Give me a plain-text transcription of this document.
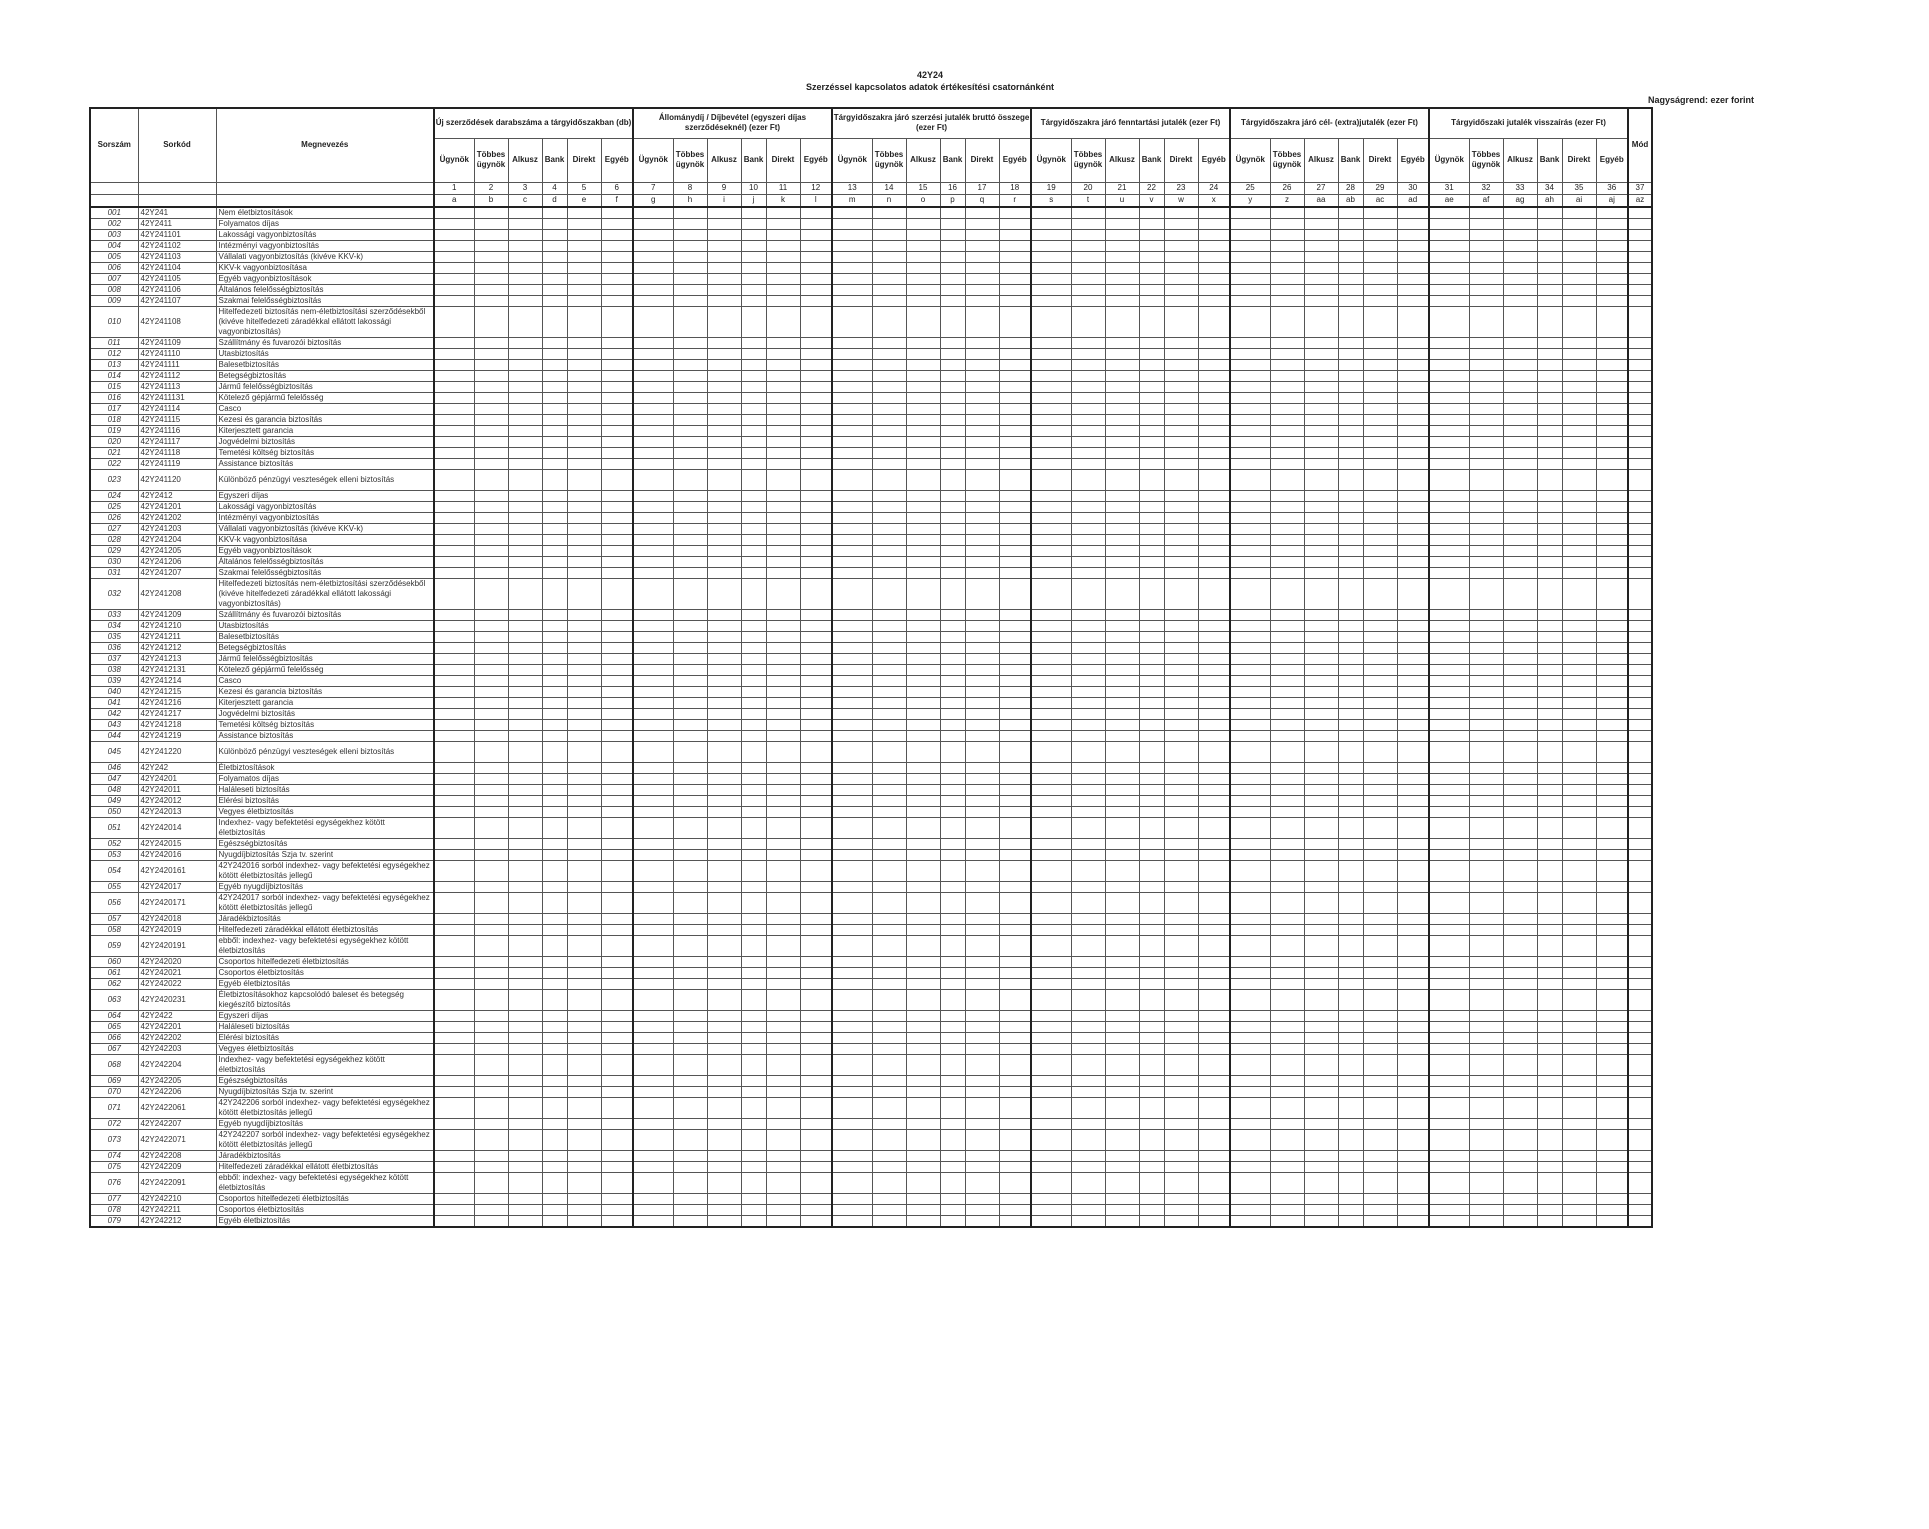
42Y24
Szerzéssel kapcsolatos adatok értékesítési csatornánként
Nagyságrend: ezer forint
Sorszám	Sorkód	Megnevezés	Új szerződések darabszáma a tárgyidőszakban (db)						Állománydíj / Díjbevétel (egyszeri díjas szerződéseknél) (ezer Ft)						Tárgyidőszakra járó szerzési jutalék bruttó összege (ezer Ft)						Tárgyidőszakra járó fenntartási jutalék (ezer Ft)						Tárgyidőszakra járó cél- (extra)jutalék (ezer Ft)						Tárgyidőszaki jutalék visszaírás (ezer Ft)						Mód
			Ügynök	Többes ügynök	Alkusz	Bank	Direkt	Egyéb	Ügynök	Többes ügynök	Alkusz	Bank	Direkt	Egyéb	Ügynök	Többes ügynök	Alkusz	Bank	Direkt	Egyéb	Ügynök	Többes ügynök	Alkusz	Bank	Direkt	Egyéb	Ügynök	Többes ügynök	Alkusz	Bank	Direkt	Egyéb	Ügynök	Többes ügynök	Alkusz	Bank	Direkt	Egyéb	
			1	2	3	4	5	6	7	8	9	10	11	12	13	14	15	16	17	18	19	20	21	22	23	24	25	26	27	28	29	30	31	32	33	34	35	36	37
			a	b	c	d	e	f	g	h	i	j	k	l	m	n	o	p	q	r	s	t	u	v	w	x	y	z	aa	ab	ac	ad	ae	af	ag	ah	ai	aj	az
001	42Y241	Nem életbiztosítások																																					
002	42Y2411	Folyamatos díjas																																					
003	42Y241101	Lakossági vagyonbiztosítás																																					
004	42Y241102	Intézményi vagyonbiztosítás																																					
005	42Y241103	Vállalati vagyonbiztosítás (kivéve KKV-k)																																					
006	42Y241104	KKV-k vagyonbiztosítása																																					
007	42Y241105	Egyéb vagyonbiztosítások																																					
008	42Y241106	Általános felelősségbiztosítás																																					
009	42Y241107	Szakmai felelősségbiztosítás																																					
010	42Y241108	Hitelfedezeti biztosítás nem-életbiztosítási szerződésekből (kivéve hitelfedezeti záradékkal ellátott lakossági vagyonbiztosítás)																																					
011	42Y241109	Szállítmány és fuvarozói biztosítás																																					
012	42Y241110	Utasbiztosítás																																					
013	42Y241111	Balesetbiztosítás																																					
014	42Y241112	Betegségbiztosítás																																					
015	42Y241113	Jármű felelősségbiztosítás																																					
016	42Y2411131	Kötelező gépjármű felelősség																																					
017	42Y241114	Casco																																					
018	42Y241115	Kezesi és garancia biztosítás																																					
019	42Y241116	Kiterjesztett garancia																																					
020	42Y241117	Jogvédelmi biztosítás																																					
021	42Y241118	Temetési költség biztosítás																																					
022	42Y241119	Assistance biztosítás																																					
023	42Y241120	Különböző pénzügyi veszteségek elleni biztosítás																																					
024	42Y2412	Egyszeri díjas																																					
025	42Y241201	Lakossági vagyonbiztosítás																																					
026	42Y241202	Intézményi vagyonbiztosítás																																					
027	42Y241203	Vállalati vagyonbiztosítás (kivéve KKV-k)																																					
028	42Y241204	KKV-k vagyonbiztosítása																																					
029	42Y241205	Egyéb vagyonbiztosítások																																					
030	42Y241206	Általános felelősségbiztosítás																																					
031	42Y241207	Szakmai felelősségbiztosítás																																					
032	42Y241208	Hitelfedezeti biztosítás nem-életbiztosítási szerződésekből (kivéve hitelfedezeti záradékkal ellátott lakossági vagyonbiztosítás)																																					
033	42Y241209	Szállítmány és fuvarozói biztosítás																																					
034	42Y241210	Utasbiztosítás																																					
035	42Y241211	Balesetbiztosítás																																					
036	42Y241212	Betegségbiztosítás																																					
037	42Y241213	Jármű felelősségbiztosítás																																					
038	42Y2412131	Kötelező gépjármű felelősség																																					
039	42Y241214	Casco																																					
040	42Y241215	Kezesi és garancia biztosítás																																					
041	42Y241216	Kiterjesztett garancia																																					
042	42Y241217	Jogvédelmi biztosítás																																					
043	42Y241218	Temetési költség biztosítás																																					
044	42Y241219	Assistance biztosítás																																					
045	42Y241220	Különböző pénzügyi veszteségek elleni biztosítás																																					
046	42Y242	Életbiztosítások																																					
047	42Y24201	Folyamatos díjas																																					
048	42Y242011	Haláleseti biztosítás																																					
049	42Y242012	Elérési biztosítás																																					
050	42Y242013	Vegyes életbiztosítás																																					
051	42Y242014	Indexhez- vagy befektetési egységekhez kötött életbiztosítás																																					
052	42Y242015	Egészségbiztosítás																																					
053	42Y242016	Nyugdíjbiztosítás Szja tv. szerint																																					
054	42Y2420161	42Y242016 sorból indexhez- vagy befektetési egységekhez kötött életbiztosítás jellegű																																					
055	42Y242017	Egyéb nyugdíjbiztosítás																																					
056	42Y2420171	42Y242017 sorból indexhez- vagy befektetési egységekhez kötött életbiztosítás jellegű																																					
057	42Y242018	Járadékbiztosítás																																					
058	42Y242019	Hitelfedezeti záradékkal ellátott életbiztosítás																																					
059	42Y2420191	ebből: indexhez- vagy befektetési egységekhez kötött életbiztosítás																																					
060	42Y242020	Csoportos hitelfedezeti életbiztosítás																																					
061	42Y242021	Csoportos életbiztosítás																																					
062	42Y242022	Egyéb életbiztosítás																																					
063	42Y2420231	Életbiztosításokhoz kapcsolódó baleset és betegség kiegészítő biztosítás																																					
064	42Y2422	Egyszeri díjas																																					
065	42Y242201	Haláleseti biztosítás																																					
066	42Y242202	Elérési biztosítás																																					
067	42Y242203	Vegyes életbiztosítás																																					
068	42Y242204	Indexhez- vagy befektetési egységekhez kötött életbiztosítás																																					
069	42Y242205	Egészségbiztosítás																																					
070	42Y242206	Nyugdíjbiztosítás Szja tv. szerint																																					
071	42Y2422061	42Y242206 sorból indexhez- vagy befektetési egységekhez kötött életbiztosítás jellegű																																					
072	42Y242207	Egyéb nyugdíjbiztosítás																																					
073	42Y2422071	42Y242207 sorból indexhez- vagy befektetési egységekhez kötött életbiztosítás jellegű																																					
074	42Y242208	Járadékbiztosítás																																					
075	42Y242209	Hitelfedezeti záradékkal ellátott életbiztosítás																																					
076	42Y2422091	ebből: indexhez- vagy befektetési egységekhez kötött életbiztosítás																																					
077	42Y242210	Csoportos hitelfedezeti életbiztosítás																																					
078	42Y242211	Csoportos életbiztosítás																																					
079	42Y242212	Egyéb életbiztosítás																																					
